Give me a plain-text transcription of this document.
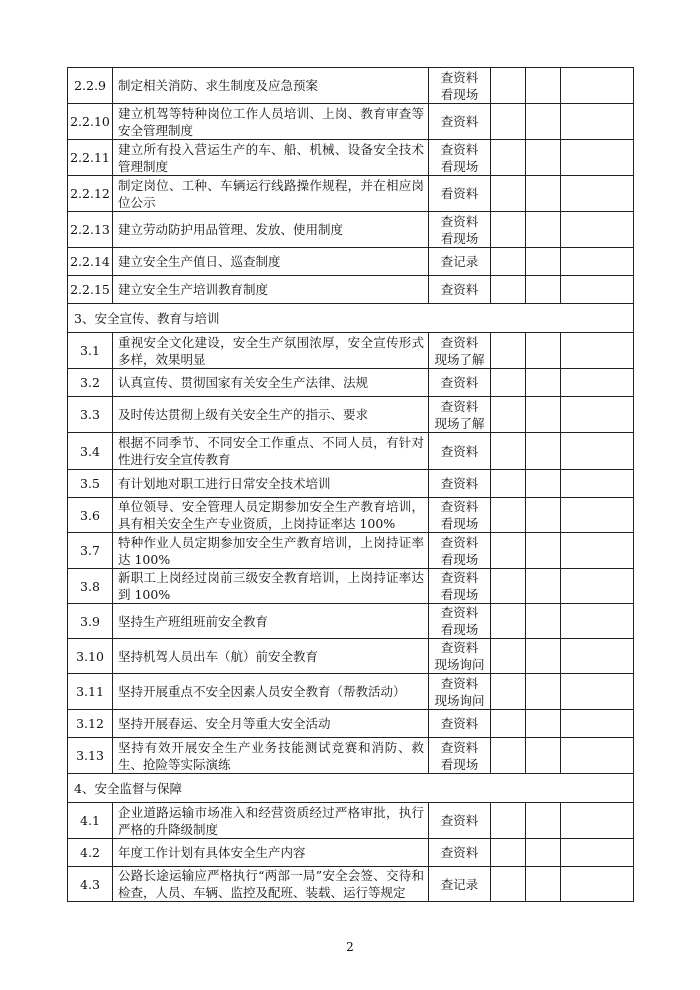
2.2.9	制定相关消防、求生制度及应急预案	查资料
看现场			
2.2.10	建立机驾等特种岗位工作人员培训、上岗、教育审查等安全管理制度	查资料			
2.2.11	建立所有投入营运生产的车、船、机械、设备安全技术管理制度	查资料
看现场			
2.2.12	制定岗位、工种、车辆运行线路操作规程，并在相应岗位公示	看资料			
2.2.13	建立劳动防护用品管理、发放、使用制度	查资料
看现场			
2.2.14	建立安全生产值日、巡查制度	查记录			
2.2.15	建立安全生产培训教育制度	查资料			
3、安全宣传、教育与培训					
3.1	重视安全文化建设，安全生产氛围浓厚，安全宣传形式多样，效果明显	查资料
现场了解			
3.2	认真宣传、贯彻国家有关安全生产法律、法规	查资料			
3.3	及时传达贯彻上级有关安全生产的指示、要求	查资料
现场了解			
3.4	根据不同季节、不同安全工作重点、不同人员，有针对性进行安全宣传教育	查资料			
3.5	有计划地对职工进行日常安全技术培训	查资料			
3.6	单位领导、安全管理人员定期参加安全生产教育培训，具有相关安全生产专业资质，上岗持证率达 100%	查资料
看现场			
3.7	特种作业人员定期参加安全生产教育培训，上岗持证率达 100%	查资料
看现场			
3.8	新职工上岗经过岗前三级安全教育培训，上岗持证率达到 100%	查资料
看现场			
3.9	坚持生产班组班前安全教育	查资料
看现场			
3.10	坚持机驾人员出车（航）前安全教育	查资料
现场询问			
3.11	坚持开展重点不安全因素人员安全教育（帮教活动）	查资料
现场询问			
3.12	坚持开展春运、安全月等重大安全活动	查资料			
3.13	坚持有效开展安全生产业务技能测试竞赛和消防、救生、抢险等实际演练	查资料
看现场			
4、安全监督与保障					
4.1	企业道路运输市场准入和经营资质经过严格审批，执行严格的升降级制度	查资料			
4.2	年度工作计划有具体安全生产内容	查资料			
4.3	公路长途运输应严格执行“两部一局”安全会签、交待和检查，人员、车辆、监控及配班、装载、运行等规定	查记录			
2
